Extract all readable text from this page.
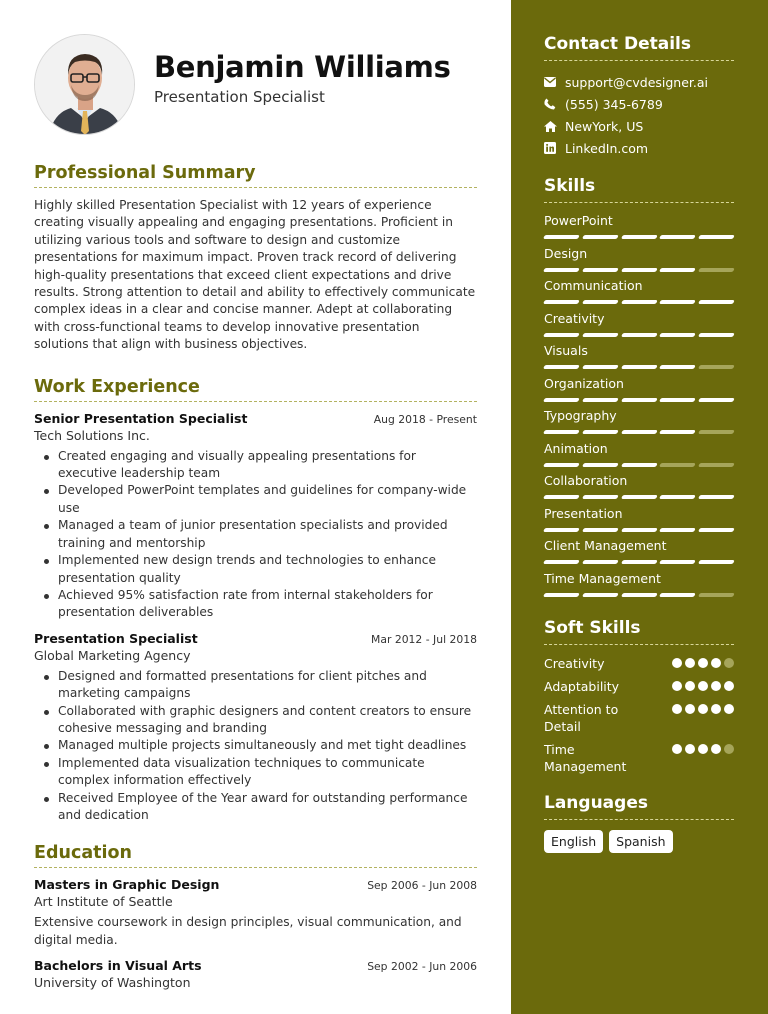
Benjamin Williams
Presentation Specialist
Professional Summary

Highly skilled Presentation Specialist with 12 years of experience creating visually appealing and engaging presentations. Proficient in utilizing various tools and software to design and customize presentations for maximum impact. Proven track record of delivering high-quality presentations that exceed client expectations and drive results. Strong attention to detail and ability to effectively communicate complex ideas in a clear and concise manner. Adept at collaborating with cross-functional teams to develop innovative presentation solutions that align with business objectives.

Work Experience
Senior Presentation Specialist	Aug 2018 - Present
Tech Solutions Inc.
Created engaging and visually appealing presentations for executive leadership team
Developed PowerPoint templates and guidelines for company-wide use
Managed a team of junior presentation specialists and provided training and mentorship
Implemented new design trends and technologies to enhance presentation quality
Achieved 95% satisfaction rate from internal stakeholders for presentation deliverables
Presentation Specialist	Mar 2012 - Jul 2018
Global Marketing Agency
Designed and formatted presentations for client pitches and marketing campaigns
Collaborated with graphic designers and content creators to ensure cohesive messaging and branding
Managed multiple projects simultaneously and met tight deadlines
Implemented data visualization techniques to communicate complex information effectively
Received Employee of the Year award for outstanding performance and dedication
Education
Masters in Graphic Design	Sep 2006 - Jun 2008
Art Institute of Seattle

Extensive coursework in design principles, visual communication, and digital media.

Bachelors in Visual Arts	Sep 2002 - Jun 2006
University of Washington
Contact Details
support@cvdesigner.ai
(555) 345-6789
NewYork, US
LinkedIn.com
Skills
PowerPoint
Design
Communication
Creativity
Visuals
Organization
Typography
Animation
Collaboration
Presentation
Client Management
Time Management
Soft Skills
Creativity
Adaptability
Attention to Detail
Time Management
Languages
English	Spanish
